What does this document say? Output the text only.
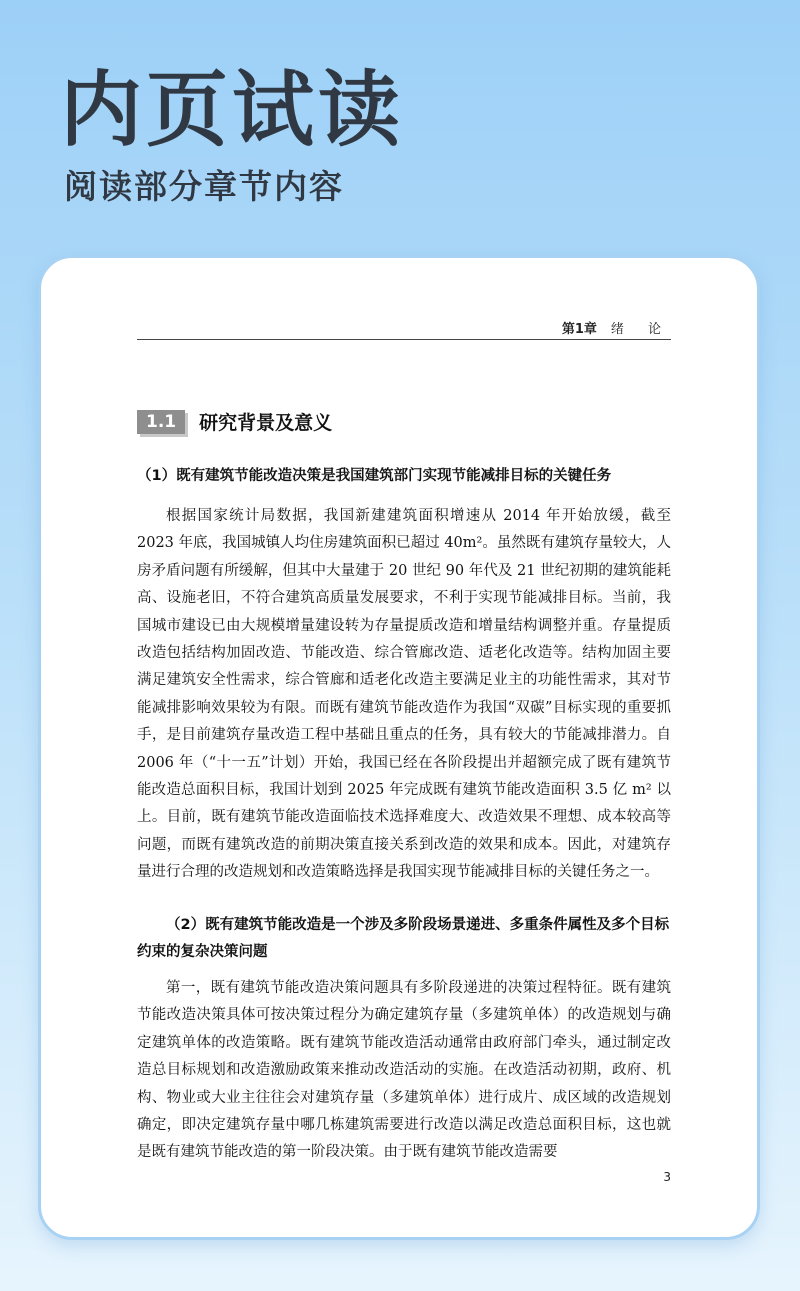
内页试读
阅读部分章节内容
第1章 绪 论
1.1	研究背景及意义
（1）既有建筑节能改造决策是我国建筑部门实现节能减排目标的关键任务
根据国家统计局数据，我国新建建筑面积增速从 2014 年开始放缓，截至 2023 年底，我国城镇人均住房建筑面积已超过 40m²。虽然既有建筑存量较大，人房矛盾问题有所缓解，但其中大量建于 20 世纪 90 年代及 21 世纪初期的建筑能耗高、设施老旧，不符合建筑高质量发展要求，不利于实现节能减排目标。当前，我国城市建设已由大规模增量建设转为存量提质改造和增量结构调整并重。存量提质改造包括结构加固改造、节能改造、综合管廊改造、适老化改造等。结构加固主要满足建筑安全性需求，综合管廊和适老化改造主要满足业主的功能性需求，其对节能减排影响效果较为有限。而既有建筑节能改造作为我国“双碳”目标实现的重要抓手，是目前建筑存量改造工程中基础且重点的任务，具有较大的节能减排潜力。自 2006 年（“十一五”计划）开始，我国已经在各阶段提出并超额完成了既有建筑节能改造总面积目标，我国计划到 2025 年完成既有建筑节能改造面积 3.5 亿 m² 以上。目前，既有建筑节能改造面临技术选择难度大、改造效果不理想、成本较高等问题，而既有建筑改造的前期决策直接关系到改造的效果和成本。因此，对建筑存量进行合理的改造规划和改造策略选择是我国实现节能减排目标的关键任务之一。
（2）既有建筑节能改造是一个涉及多阶段场景递进、多重条件属性及多个目标约束的复杂决策问题
第一，既有建筑节能改造决策问题具有多阶段递进的决策过程特征。既有建筑节能改造决策具体可按决策过程分为确定建筑存量（多建筑单体）的改造规划与确定建筑单体的改造策略。既有建筑节能改造活动通常由政府部门牵头，通过制定改造总目标规划和改造激励政策来推动改造活动的实施。在改造活动初期，政府、机构、物业或大业主往往会对建筑存量（多建筑单体）进行成片、成区域的改造规划确定，即决定建筑存量中哪几栋建筑需要进行改造以满足改造总面积目标，这也就是既有建筑节能改造的第一阶段决策。由于既有建筑节能改造需要
3
